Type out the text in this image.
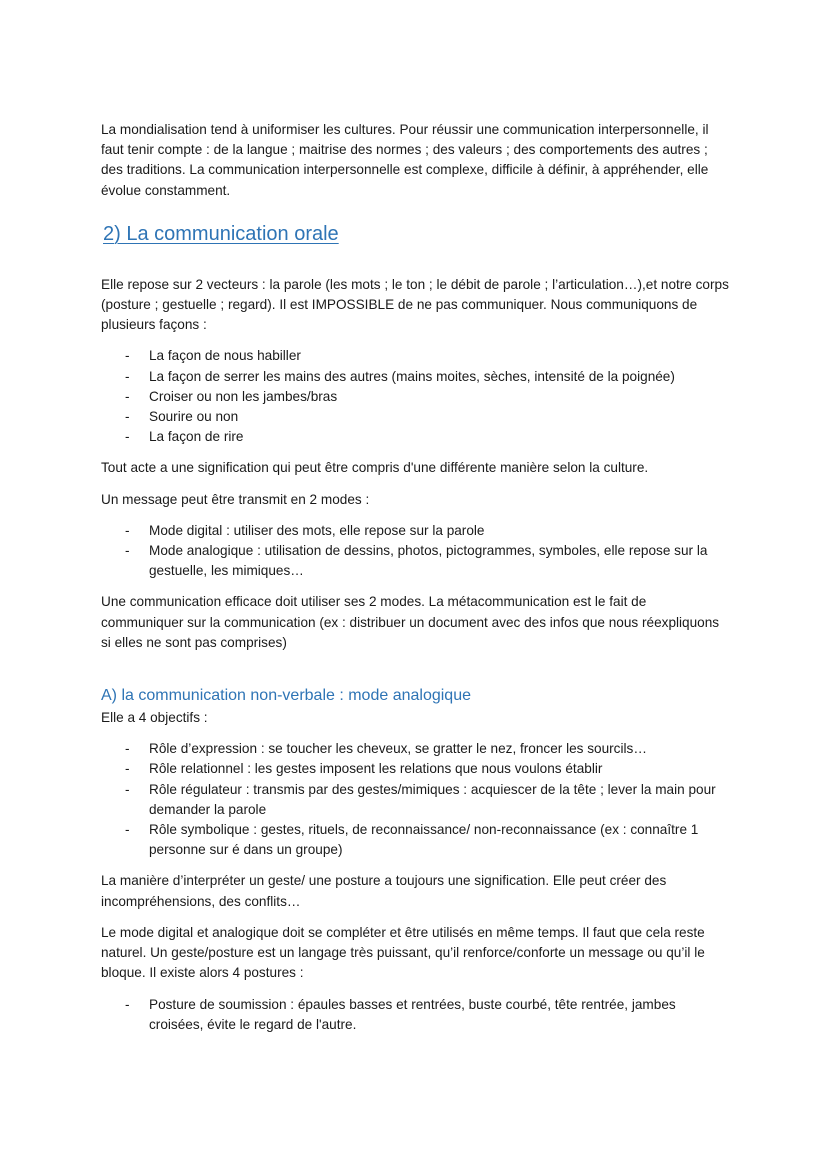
La mondialisation tend à uniformiser les cultures. Pour réussir une communication interpersonnelle, il faut tenir compte : de la langue ; maitrise des normes ; des valeurs ; des comportements des autres ; des traditions. La communication interpersonnelle est complexe, difficile à définir, à appréhender, elle évolue constamment.

2) La communication orale

Elle repose sur 2 vecteurs : la parole (les mots ; le ton ; le débit de parole ; l’articulation…),et notre corps (posture ; gestuelle ; regard). Il est IMPOSSIBLE de ne pas communiquer. Nous communiquons de plusieurs façons :

- La façon de nous habiller
- La façon de serrer les mains des autres (mains moites, sèches, intensité de la poignée)
- Croiser ou non les jambes/bras
- Sourire ou non
- La façon de rire

Tout acte a une signification qui peut être compris d'une différente manière selon la culture.

Un message peut être transmit en 2 modes :

- Mode digital : utiliser des mots, elle repose sur la parole
- Mode analogique : utilisation de dessins, photos, pictogrammes, symboles, elle repose sur la gestuelle, les mimiques…

Une communication efficace doit utiliser ses 2 modes. La métacommunication est le fait de communiquer sur la communication (ex : distribuer un document avec des infos que nous réexpliquons si elles ne sont pas comprises)

A) la communication non-verbale : mode analogique

Elle a 4 objectifs :

- Rôle d’expression : se toucher les cheveux, se gratter le nez, froncer les sourcils…
- Rôle relationnel : les gestes imposent les relations que nous voulons établir
- Rôle régulateur : transmis par des gestes/mimiques : acquiescer de la tête ; lever la main pour demander la parole
- Rôle symbolique : gestes, rituels, de reconnaissance/ non-reconnaissance (ex : connaître 1 personne sur é dans un groupe)

La manière d’interpréter un geste/ une posture a toujours une signification. Elle peut créer des incompréhensions, des conflits…

Le mode digital et analogique doit se compléter et être utilisés en même temps. Il faut que cela reste naturel. Un geste/posture est un langage très puissant, qu’il renforce/conforte un message ou qu’il le bloque. Il existe alors 4 postures :

- Posture de soumission : épaules basses et rentrées, buste courbé, tête rentrée, jambes croisées, évite le regard de l'autre.
